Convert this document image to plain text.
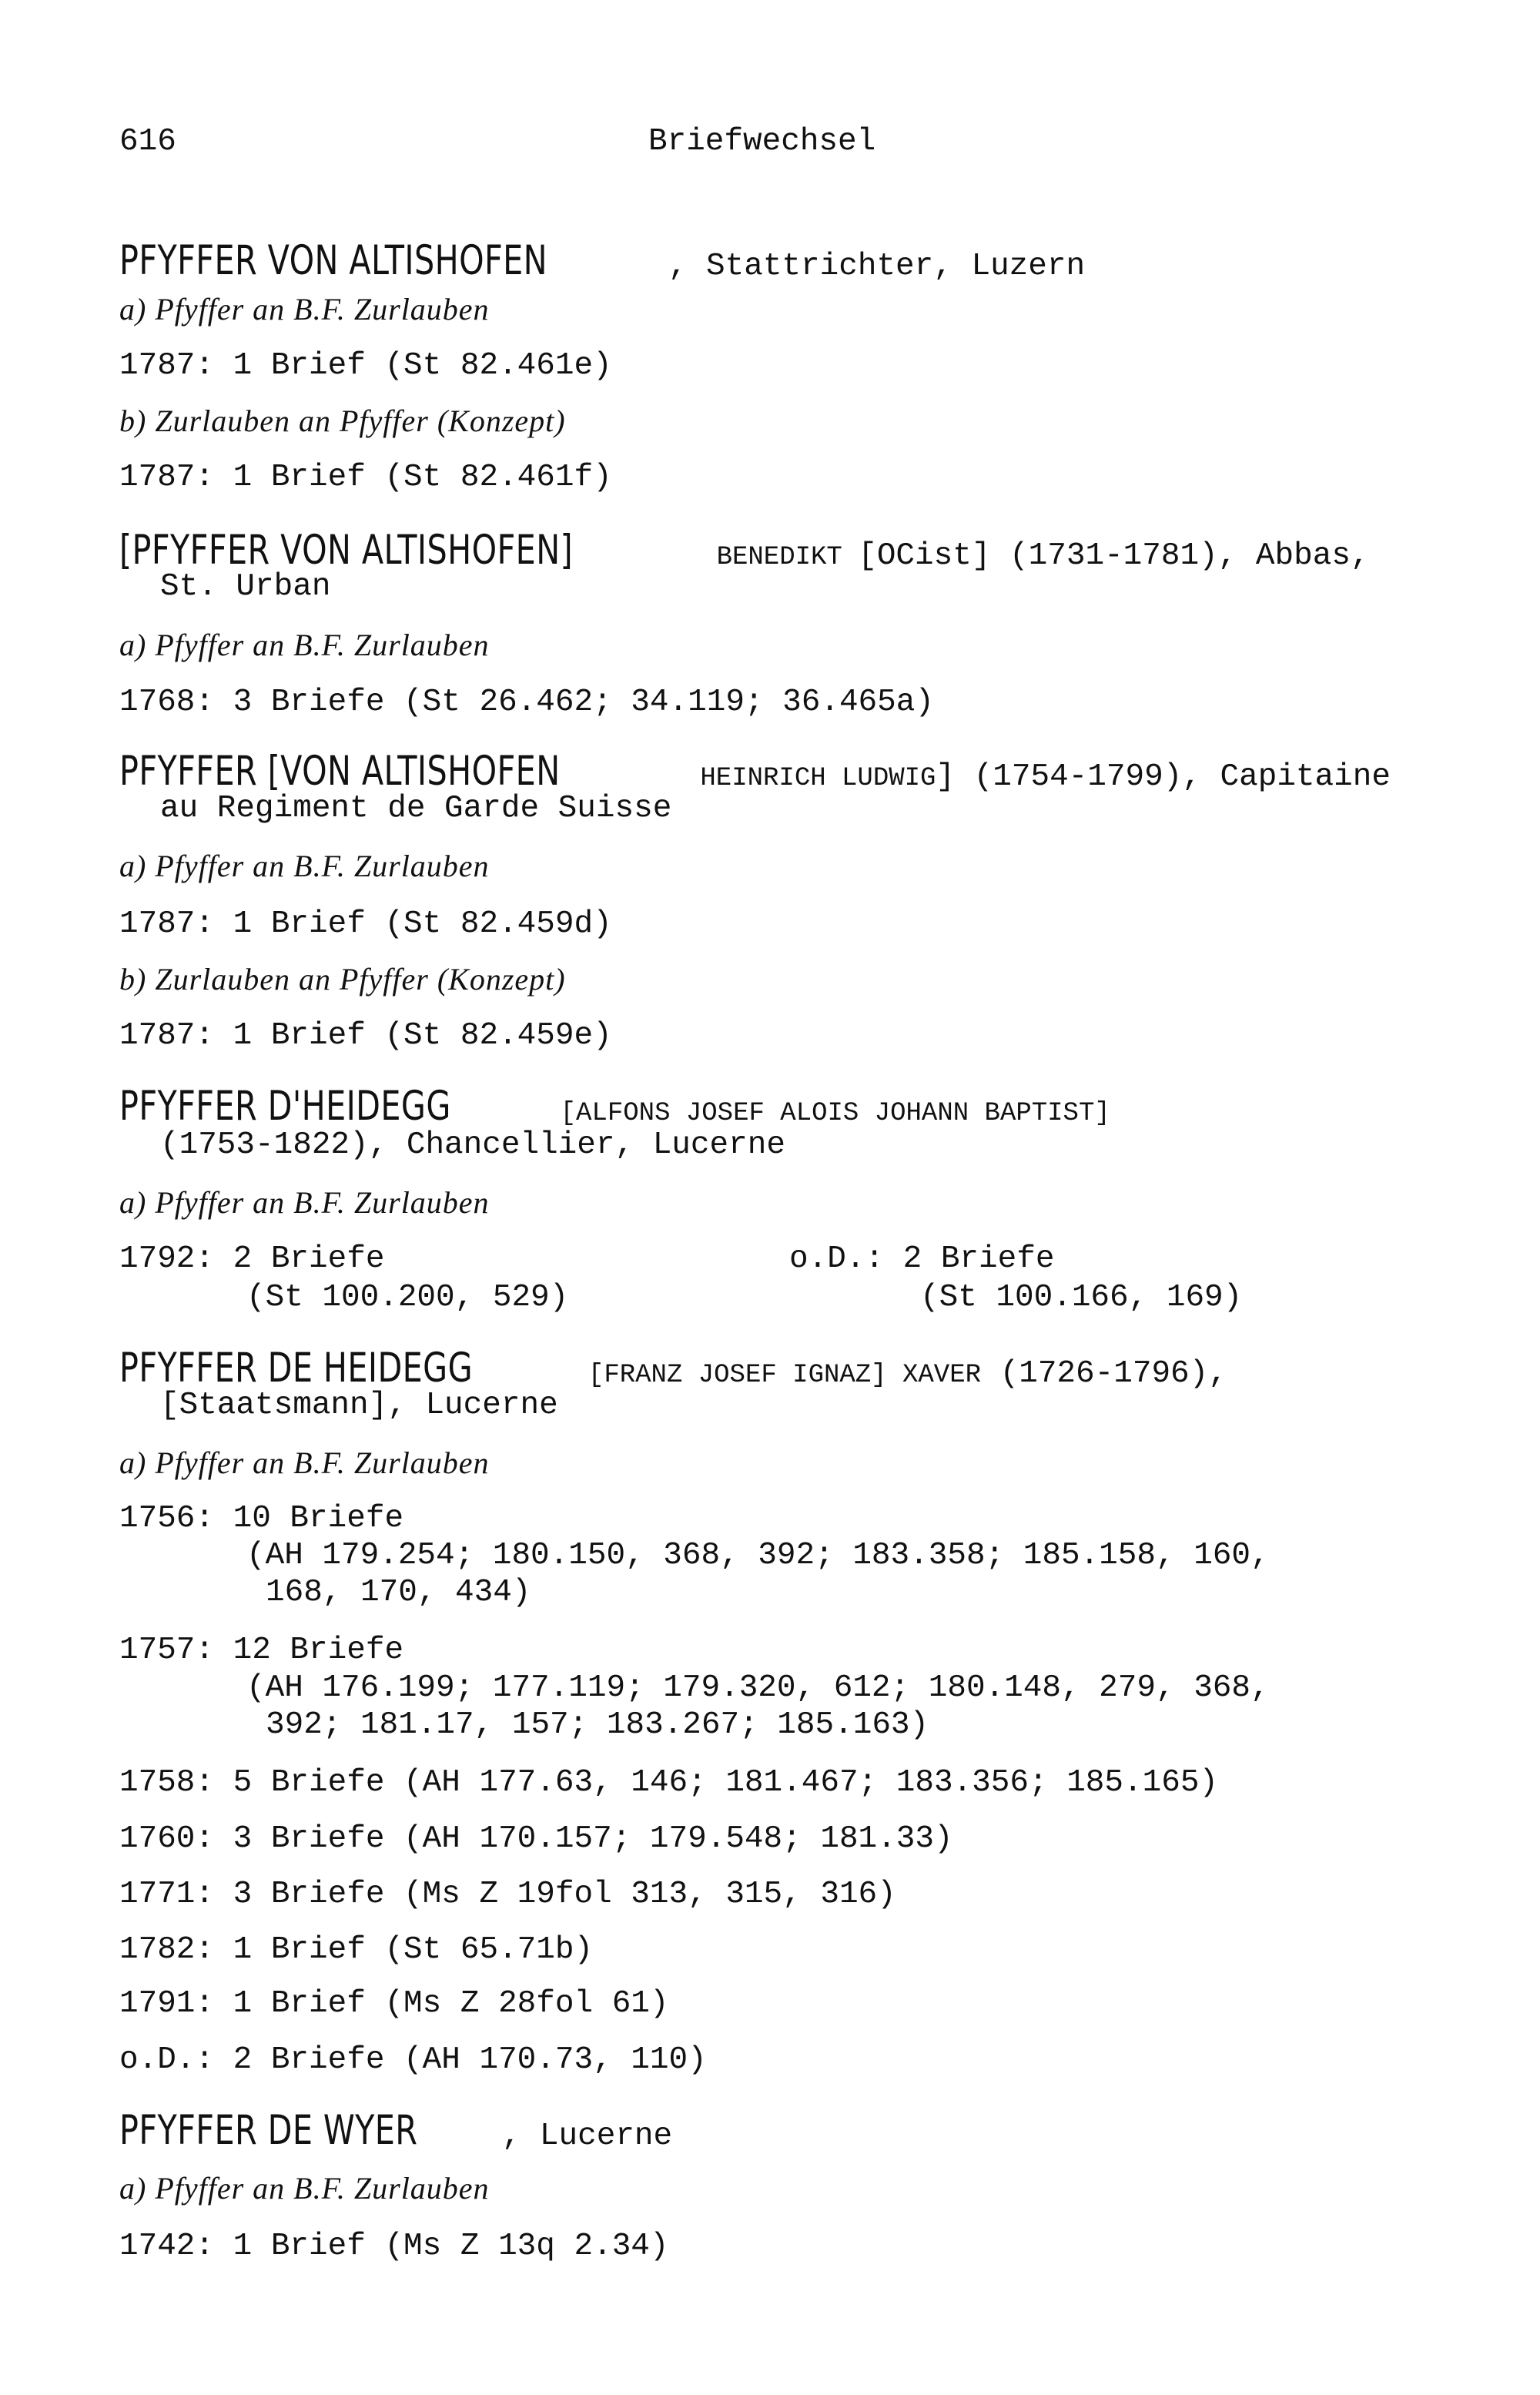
616	Briefwechsel
PFYFFER VON ALTISHOFEN	, Stattrichter, Luzern
a) Pfyffer an B.F. Zurlauben
1787: 1 Brief (St 82.461e)
b) Zurlauben an Pfyffer (Konzept)
1787: 1 Brief (St 82.461f)
[PFYFFER VON ALTISHOFEN]	BENEDIKT [OCist] (1731-1781), Abbas,
St. Urban
a) Pfyffer an B.F. Zurlauben
1768: 3 Briefe (St 26.462; 34.119; 36.465a)
PFYFFER [VON ALTISHOFEN	HEINRICH LUDWIG] (1754-1799), Capitaine
au Regiment de Garde Suisse
a) Pfyffer an B.F. Zurlauben
1787: 1 Brief (St 82.459d)
b) Zurlauben an Pfyffer (Konzept)
1787: 1 Brief (St 82.459e)
PFYFFER D'HEIDEGG	[ALFONS JOSEF ALOIS JOHANN BAPTIST]
(1753-1822), Chancellier, Lucerne
a) Pfyffer an B.F. Zurlauben
1792: 2 Briefe	o.D.: 2 Briefe
(St 100.200, 529)	(St 100.166, 169)
PFYFFER DE HEIDEGG	[FRANZ JOSEF IGNAZ] XAVER (1726-1796),
[Staatsmann], Lucerne
a) Pfyffer an B.F. Zurlauben
1756: 10 Briefe
(AH 179.254; 180.150, 368, 392; 183.358; 185.158, 160,
168, 170, 434)
1757: 12 Briefe
(AH 176.199; 177.119; 179.320, 612; 180.148, 279, 368,
392; 181.17, 157; 183.267; 185.163)
1758: 5 Briefe (AH 177.63, 146; 181.467; 183.356; 185.165)
1760: 3 Briefe (AH 170.157; 179.548; 181.33)
1771: 3 Briefe (Ms Z 19fol 313, 315, 316)
1782: 1 Brief (St 65.71b)
1791: 1 Brief (Ms Z 28fol 61)
o.D.: 2 Briefe (AH 170.73, 110)
PFYFFER DE WYER	, Lucerne
a) Pfyffer an B.F. Zurlauben
1742: 1 Brief (Ms Z 13q 2.34)
